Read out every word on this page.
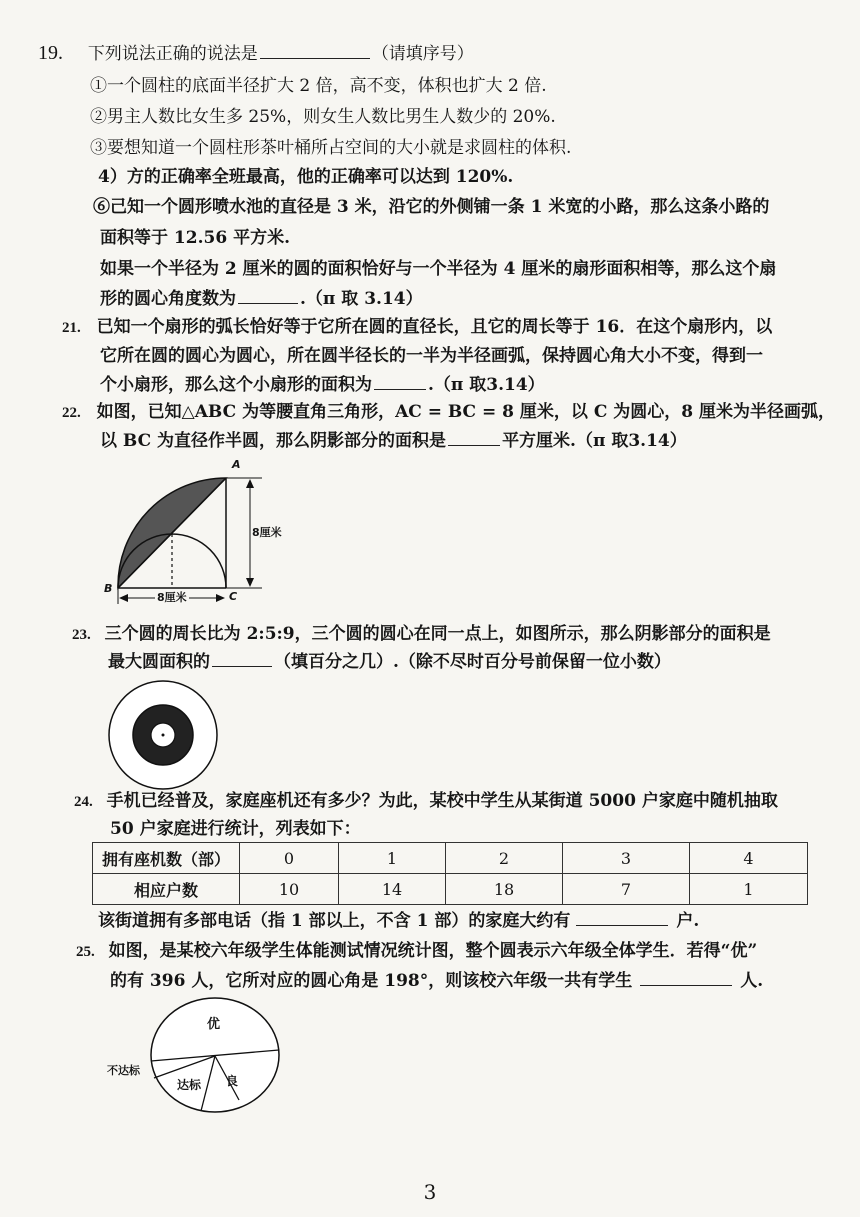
19. 下列说法正确的说法是	（请填序号）
①一个圆柱的底面半径扩大 2 倍，高不变，体积也扩大 2 倍.
②男主人数比女生多 25%，则女生人数比男生人数少的 20%.
③要想知道一个圆柱形茶叶桶所占空间的大小就是求圆柱的体积.
4）方的正确率全班最高，他的正确率可以达到 120%.
⑥己知一个圆形喷水池的直径是 3 米，沿它的外侧铺一条 1 米宽的小路，那么这条小路的
面积等于 12.56 平方米.
如果一个半径为 2 厘米的圆的面积恰好与一个半径为 4 厘米的扇形面积相等，那么这个扇
形的圆心角度数为	.（π 取 3.14）
21. 已知一个扇形的弧长恰好等于它所在圆的直径长，且它的周长等于 16．在这个扇形内，以
它所在圆的圆心为圆心，所在圆半径长的一半为半径画弧，保持圆心角大小不变，得到一
个小扇形，那么这个小扇形的面积为	.（π 取3.14）
22. 如图，已知△ABC 为等腰直角三角形，AC = BC = 8 厘米，以 C 为圆心，8 厘米为半径画弧，
以 BC 为直径作半圆，那么阴影部分的面积是	平方厘米.（π 取3.14）
A
B
C
8厘米
8厘米
23. 三个圆的周长比为 2:5:9，三个圆的圆心在同一点上，如图所示，那么阴影部分的面积是
最大圆面积的	（填百分之几）.（除不尽时百分号前保留一位小数）
24. 手机已经普及，家庭座机还有多少？为此，某校中学生从某街道 5000 户家庭中随机抽取
50 户家庭进行统计，列表如下：
拥有座机数（部）	0	1	2	3	4
相应户数	10	14	18	7	1
该街道拥有多部电话（指 1 部以上，不含 1 部）的家庭大约有	户.
25. 如图，是某校六年级学生体能测试情况统计图，整个圆表示六年级全体学生．若得“优”
的有 396 人，它所对应的圆心角是 198°，则该校六年级一共有学生	人.
优
良
达标
不达标
3
